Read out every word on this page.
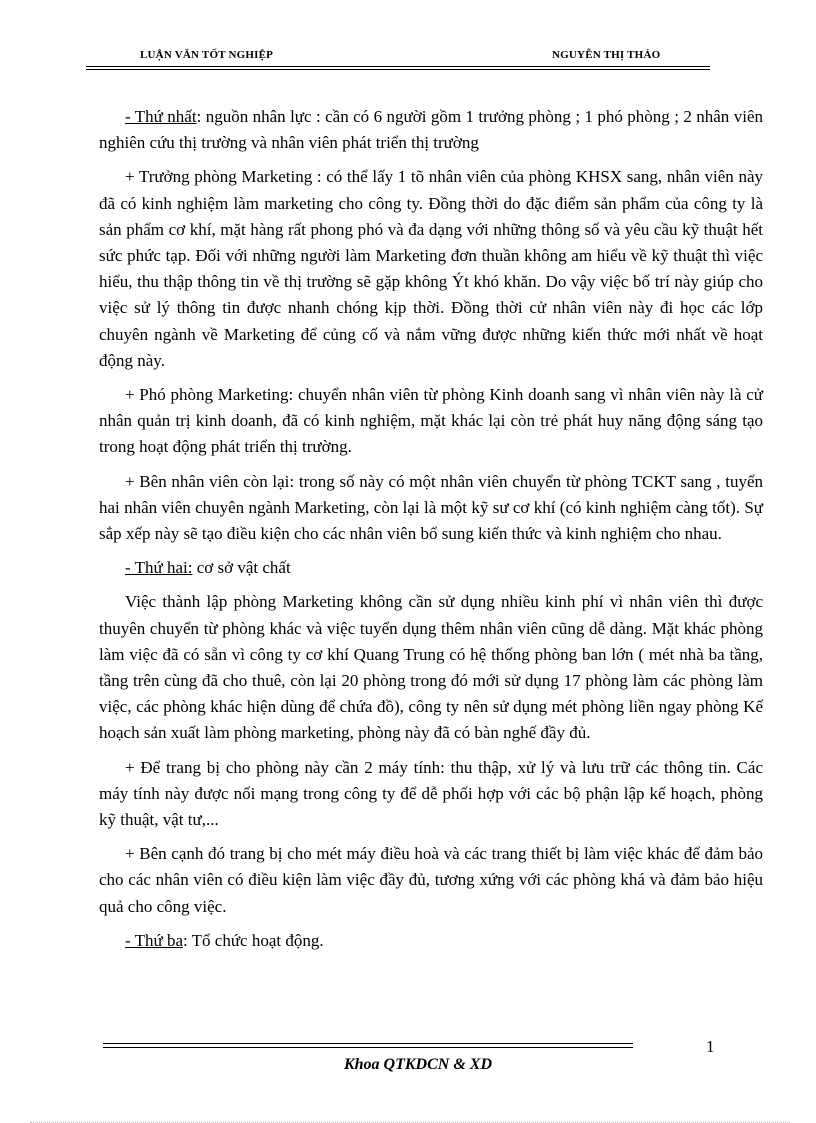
LUẬN VĂN TỐT NGHIỆP	NGUYỄN THỊ THẢO

- Thứ nhất: nguồn nhân lực : cần có 6 người gồm 1 trưởng phòng ; 1 phó phòng ; 2 nhân viên nghiên cứu thị trường và nhân viên phát triển thị trường

+ Trưởng phòng Marketing : có thể lấy 1 tõ nhân viên của phòng KHSX sang, nhân viên này đã có kinh nghiệm làm marketing cho công ty. Đồng thời do đặc điểm sản phẩm của công ty là sản phẩm cơ khí, mặt hàng rất phong phó và đa dạng với những thông số và yêu cầu kỹ thuật hết sức phức tạp. Đối với những người làm Marketing đơn thuần không am hiểu về kỹ thuật thì việc hiểu, thu thập thông tin về thị trường sẽ gặp không Ýt khó khăn. Do vậy việc bố trí này giúp cho việc sử lý thông tin được nhanh chóng kịp thời. Đồng thời cử nhân viên này đi học các lớp chuyên ngành về Marketing để củng cố và nắm vững được những kiến thức mới nhất về hoạt động này.

+ Phó phòng Marketing: chuyển nhân viên từ phòng Kinh doanh sang vì nhân viên này là cử nhân quản trị kinh doanh, đã có kinh nghiệm, mặt khác lại còn trẻ phát huy năng động sáng tạo trong hoạt động phát triển thị trường.

+ Bên nhân viên còn lại: trong số này có một nhân viên chuyển từ phòng TCKT sang , tuyển hai nhân viên chuyên ngành Marketing, còn lại là một kỹ sư cơ khí (có kinh nghiệm càng tốt). Sự sắp xếp này sẽ tạo điều kiện cho các nhân viên bổ sung kiến thức và kinh nghiệm cho nhau.

- Thứ hai: cơ sở vật chất

Việc thành lập phòng Marketing không cần sử dụng nhiều kinh phí vì nhân viên thì được thuyên chuyển từ phòng khác và việc tuyển dụng thêm nhân viên cũng dễ dàng. Mặt khác phòng làm việc đã có sẵn vì công ty cơ khí Quang Trung có hệ thống phòng ban lớn ( mét nhà ba tầng, tầng trên cùng đã cho thuê, còn lại 20 phòng trong đó mới sử dụng 17 phòng làm các phòng làm việc, các phòng khác hiện dùng để chứa đồ), công ty nên sử dụng mét phòng liền ngay phòng Kế hoạch sản xuất làm phòng marketing, phòng này đã có bàn nghế đầy đủ.

+ Để trang bị cho phòng này cần 2 máy tính: thu thập, xử lý và lưu trữ các thông tin. Các máy tính này được nối mạng trong công ty để dễ phối hợp với các bộ phận lập kế hoạch, phòng kỹ thuật, vật tư,...

+ Bên cạnh đó trang bị cho mét máy điều hoà và các trang thiết bị làm việc khác để đảm bảo cho các nhân viên có điều kiện làm việc đầy đủ, tương xứng với các phòng khá và đảm bảo hiệu quả cho công việc.

- Thứ ba: Tổ chức hoạt động.

1
Khoa QTKDCN & XD
